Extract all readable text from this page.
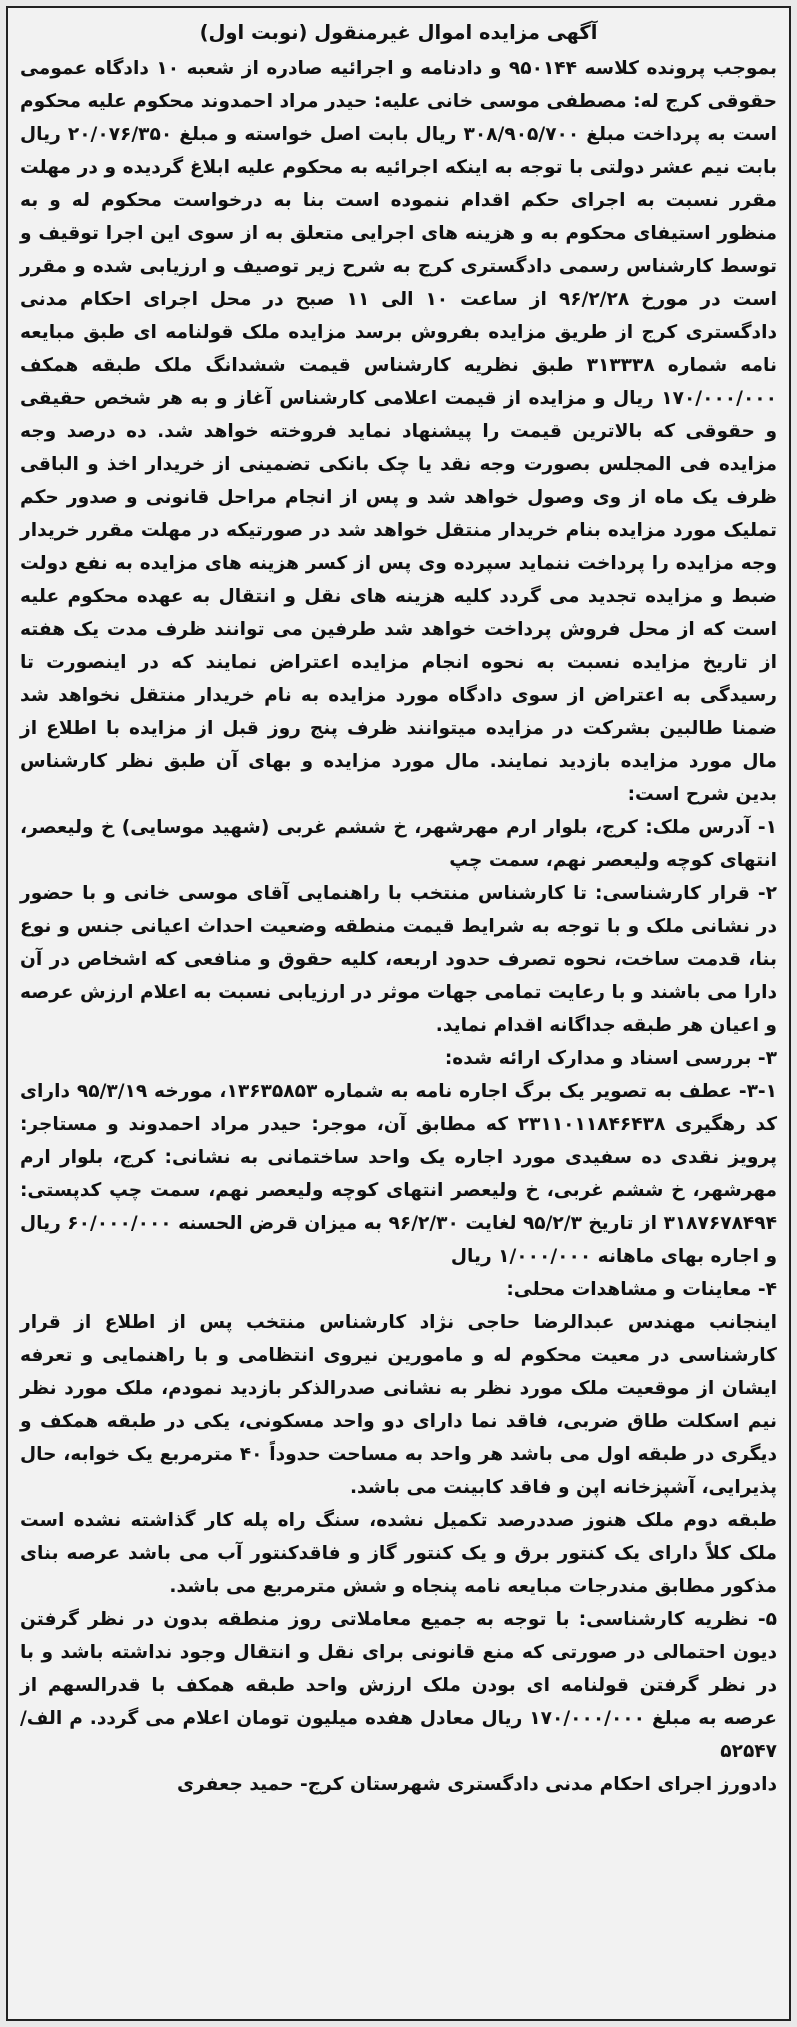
آگهی مزایده اموال غیرمنقول (نوبت اول)

بموجب پرونده کلاسه ۹۵۰۱۴۴ و دادنامه و اجرائیه صادره از شعبه ۱۰ دادگاه عمومی حقوقی کرج له: مصطفی موسی خانی علیه: حیدر مراد احمدوند محکوم علیه محکوم است به پرداخت مبلغ ۳۰۸/۹۰۵/۷۰۰ ریال بابت اصل خواسته و مبلغ ۲۰/۰۷۶/۳۵۰ ریال بابت نیم عشر دولتی با توجه به اینکه اجرائیه به محکوم علیه ابلاغ گردیده و در مهلت مقرر نسبت به اجرای حکم اقدام ننموده است بنا به درخواست محکوم له و به منظور استیفای محکوم به و هزینه های اجرایی متعلق به از سوی این اجرا توقیف و توسط کارشناس رسمی دادگستری کرج به شرح زیر توصیف و ارزیابی شده و مقرر است در مورخ ۹۶/۲/۲۸ از ساعت ۱۰ الی ۱۱ صبح در محل اجرای احکام مدنی دادگستری کرج از طریق مزایده بفروش برسد مزایده ملک قولنامه ای طبق مبایعه نامه شماره ۳۱۳۳۳۸ طبق نظریه کارشناس قیمت ششدانگ ملک طبقه همکف ۱۷۰/۰۰۰/۰۰۰ ریال و مزایده از قیمت اعلامی کارشناس آغاز و به هر شخص حقیقی و حقوقی که بالاترین قیمت را پیشنهاد نماید فروخته خواهد شد. ده درصد وجه مزایده فی المجلس بصورت وجه نقد یا چک بانکی تضمینی از خریدار اخذ و الباقی ظرف یک ماه از وی وصول خواهد شد و پس از انجام مراحل قانونی و صدور حکم تملیک مورد مزایده بنام خریدار منتقل خواهد شد در صورتیکه در مهلت مقرر خریدار وجه مزایده را پرداخت ننماید سپرده وی پس از کسر هزینه های مزایده به نفع دولت ضبط و مزایده تجدید می گردد کلیه هزینه های نقل و انتقال به عهده محکوم علیه است که از محل فروش پرداخت خواهد شد طرفین می توانند ظرف مدت یک هفته از تاریخ مزایده نسبت به نحوه انجام مزایده اعتراض نمایند که در اینصورت تا رسیدگی به اعتراض از سوی دادگاه مورد مزایده به نام خریدار منتقل نخواهد شد ضمنا طالبین بشرکت در مزایده میتوانند ظرف پنج روز قبل از مزایده با اطلاع از مال مورد مزایده بازدید نمایند. مال مورد مزایده و بهای آن طبق نظر کارشناس بدین شرح است:

۱- آدرس ملک: کرج، بلوار ارم مهرشهر، خ ششم غربی (شهید موسایی) خ ولیعصر، انتهای کوچه ولیعصر نهم، سمت چپ

۲- قرار کارشناسی: تا کارشناس منتخب با راهنمایی آقای موسی خانی و با حضور در نشانی ملک و با توجه به شرایط قیمت منطقه وضعیت احداث اعیانی جنس و نوع بنا، قدمت ساخت، نحوه تصرف حدود اربعه، کلیه حقوق و منافعی که اشخاص در آن دارا می باشند و با رعایت تمامی جهات موثر در ارزیابی نسبت به اعلام ارزش عرصه و اعیان هر طبقه جداگانه اقدام نماید.

۳- بررسی اسناد و مدارک ارائه شده:

۳-۱- عطف به تصویر یک برگ اجاره نامه به شماره ۱۳۶۳۵۸۵۳، مورخه ۹۵/۳/۱۹ دارای کد رهگیری ۲۳۱۱۰۱۱۸۴۶۴۳۸ که مطابق آن، موجر: حیدر مراد احمدوند و مستاجر: پرویز نقدی ده سفیدی مورد اجاره یک واحد ساختمانی به نشانی: کرج، بلوار ارم مهرشهر، خ ششم غربی، خ ولیعصر انتهای کوچه ولیعصر نهم، سمت چپ کدپستی: ۳۱۸۷۶۷۸۴۹۴ از تاریخ ۹۵/۲/۳ لغایت ۹۶/۲/۳۰ به میزان قرض الحسنه ۶۰/۰۰۰/۰۰۰ ریال و اجاره بهای ماهانه ۱/۰۰۰/۰۰۰ ریال

۴- معاینات و مشاهدات محلی:

اینجانب مهندس عبدالرضا حاجی نژاد کارشناس منتخب پس از اطلاع از قرار کارشناسی در معیت محکوم له و مامورین نیروی انتظامی و با راهنمایی و تعرفه ایشان از موقعیت ملک مورد نظر به نشانی صدرالذکر بازدید نمودم، ملک مورد نظر نیم اسکلت طاق ضربی، فاقد نما دارای دو واحد مسکونی، یکی در طبقه همکف و دیگری در طبقه اول می باشد هر واحد به مساحت حدوداً ۴۰ مترمربع یک خوابه، حال پذیرایی، آشپزخانه اپن و فاقد کابینت می باشد.

طبقه دوم ملک هنوز صددرصد تکمیل نشده، سنگ راه پله کار گذاشته نشده است ملک کلاً دارای یک کنتور برق و یک کنتور گاز و فاقدکنتور آب می باشد عرصه بنای مذکور مطابق مندرجات مبایعه نامه پنجاه و شش مترمربع می باشد.

۵- نظریه کارشناسی: با توجه به جمیع معاملاتی روز منطقه بدون در نظر گرفتن دیون احتمالی در صورتی که منع قانونی برای نقل و انتقال وجود نداشته باشد و با در نظر گرفتن قولنامه ای بودن ملک ارزش واحد طبقه همکف با قدرالسهم از عرصه به مبلغ ۱۷۰/۰۰۰/۰۰۰ ریال معادل هفده میلیون تومان اعلام می گردد. م الف/۵۲۵۴۷

دادورز اجرای احکام مدنی دادگستری شهرستان کرج- حمید جعفری
